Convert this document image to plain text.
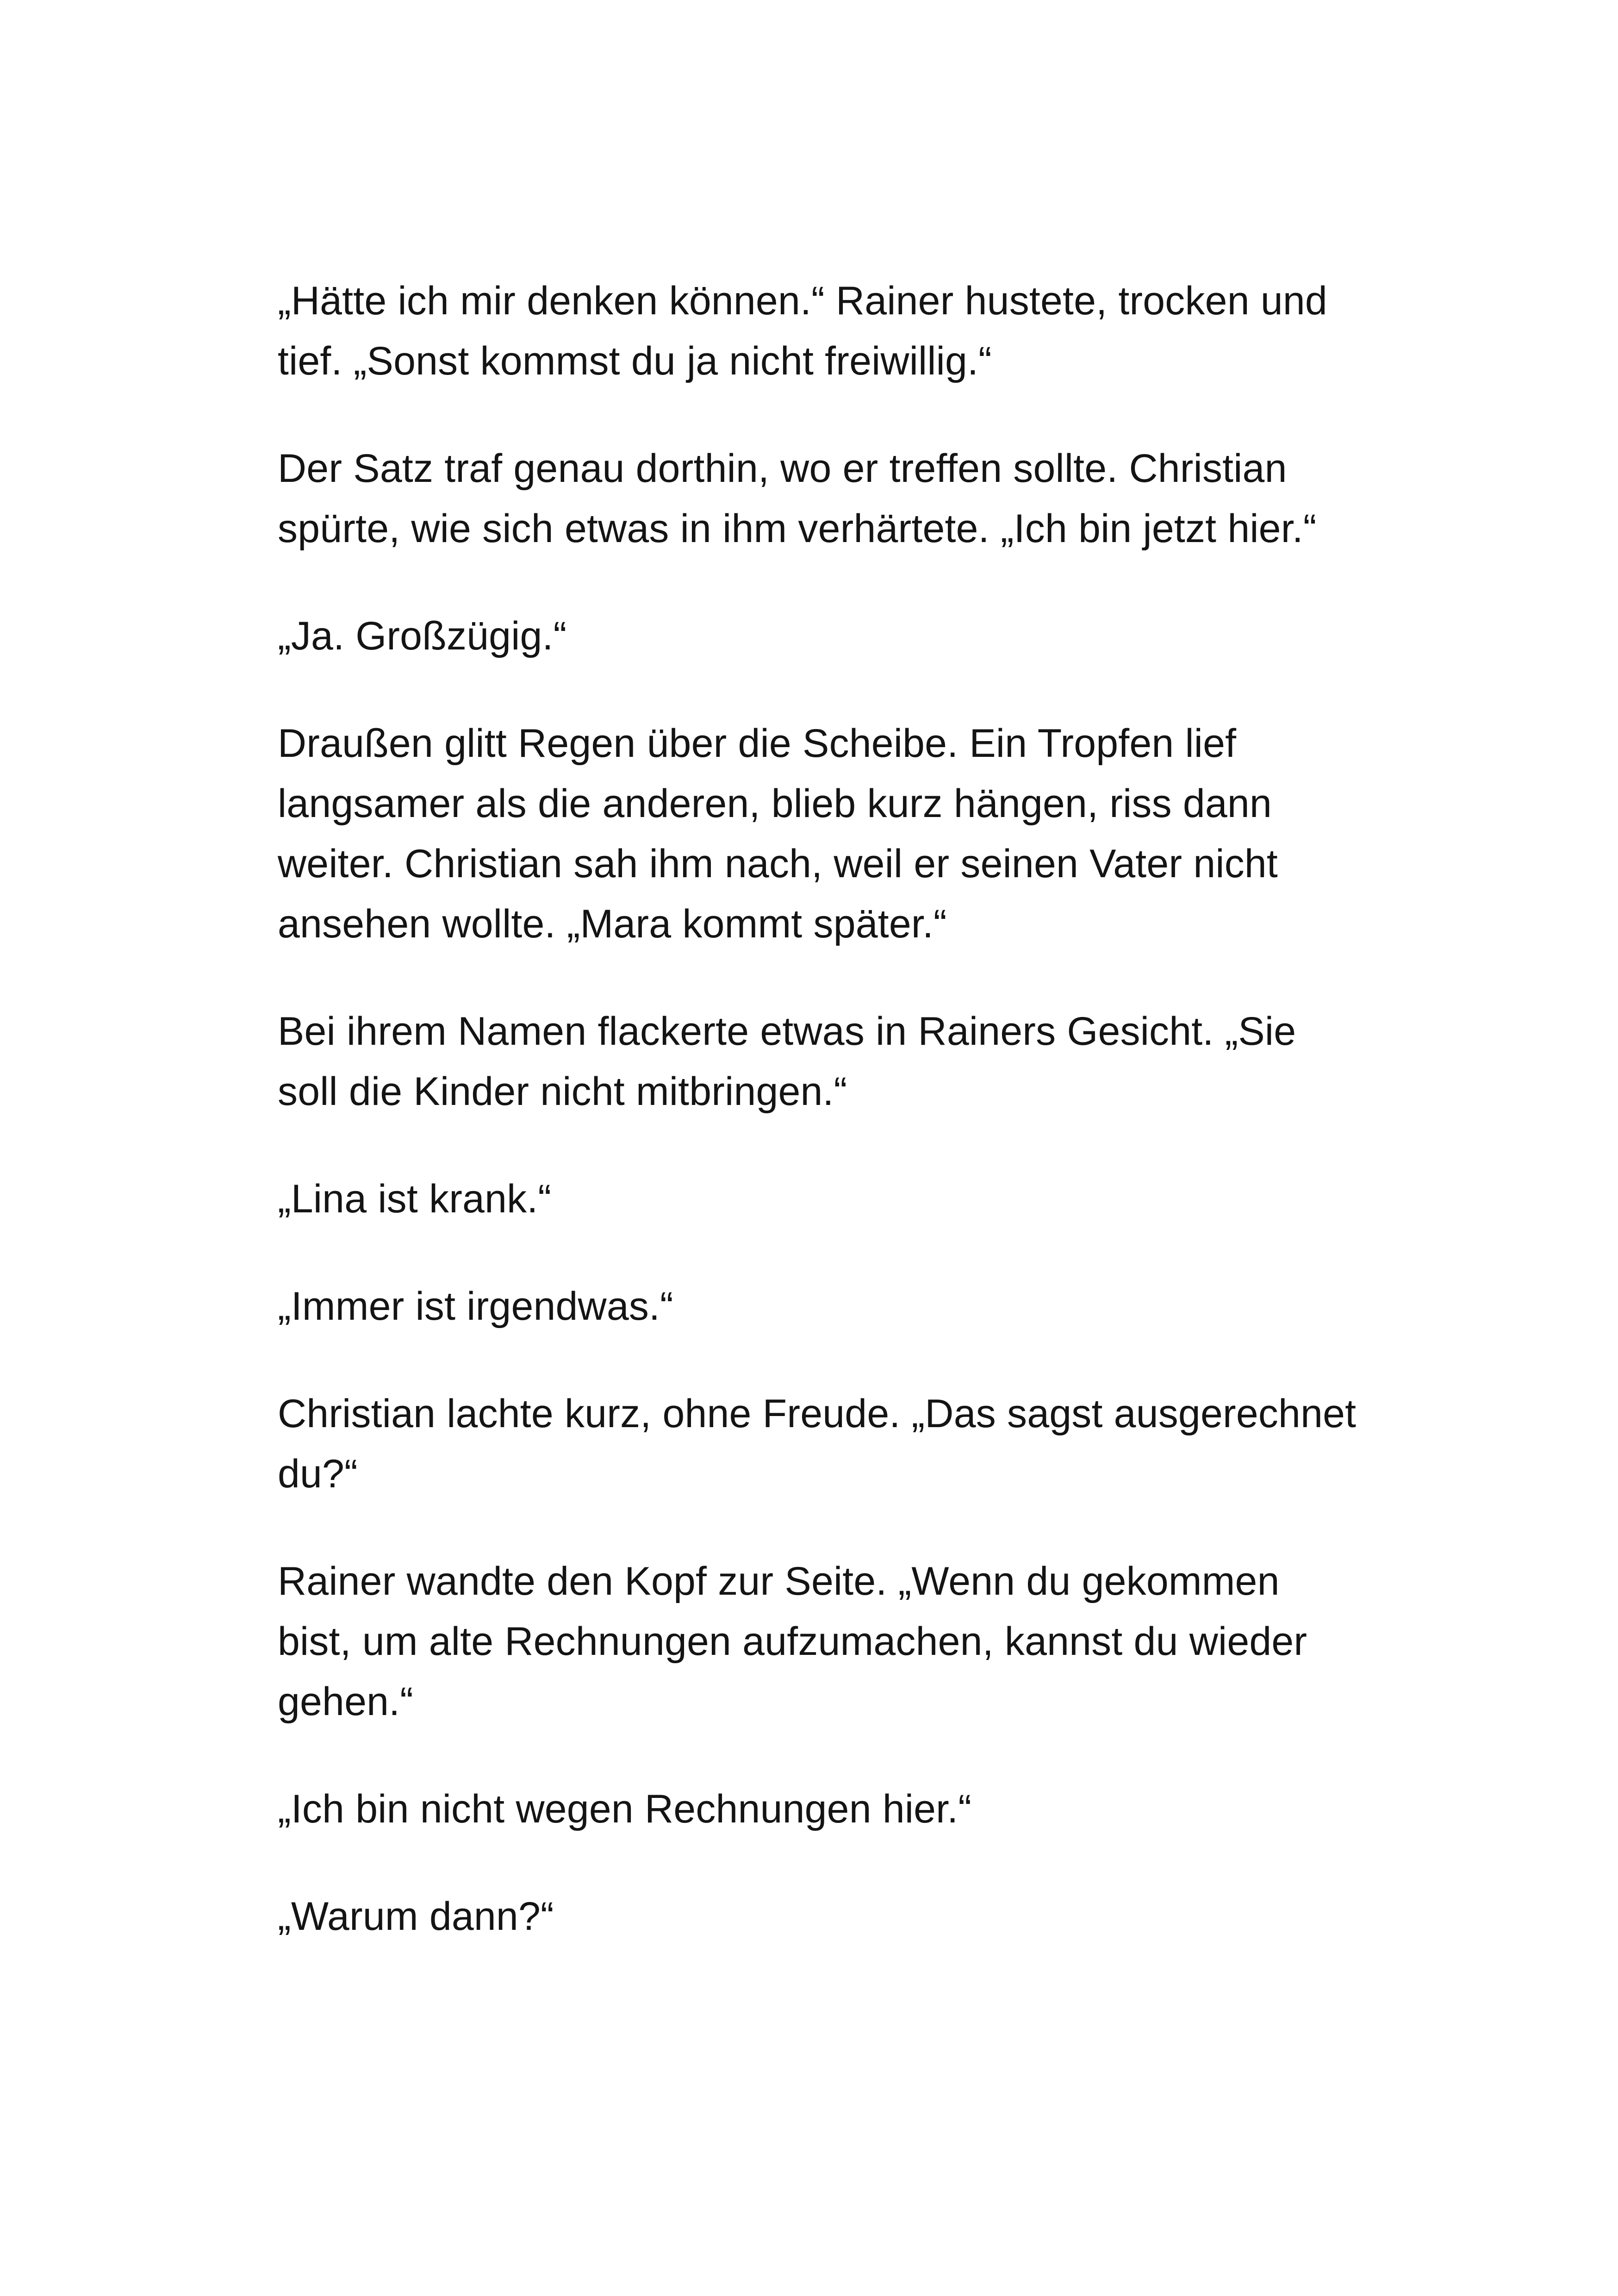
„Hätte ich mir denken können.“ Rainer hustete, trocken und tief. „Sonst kommst du ja nicht freiwillig.“

Der Satz traf genau dorthin, wo er treffen sollte. Christian spürte, wie sich etwas in ihm verhärtete. „Ich bin jetzt hier.“

„Ja. Großzügig.“

Draußen glitt Regen über die Scheibe. Ein Tropfen lief langsamer als die anderen, blieb kurz hängen, riss dann weiter. Christian sah ihm nach, weil er seinen Vater nicht ansehen wollte. „Mara kommt später.“

Bei ihrem Namen flackerte etwas in Rainers Gesicht. „Sie soll die Kinder nicht mitbringen.“

„Lina ist krank.“

„Immer ist irgendwas.“

Christian lachte kurz, ohne Freude. „Das sagst ausgerechnet du?“

Rainer wandte den Kopf zur Seite. „Wenn du gekommen bist, um alte Rechnungen aufzumachen, kannst du wieder gehen.“

„Ich bin nicht wegen Rechnungen hier.“

„Warum dann?“
